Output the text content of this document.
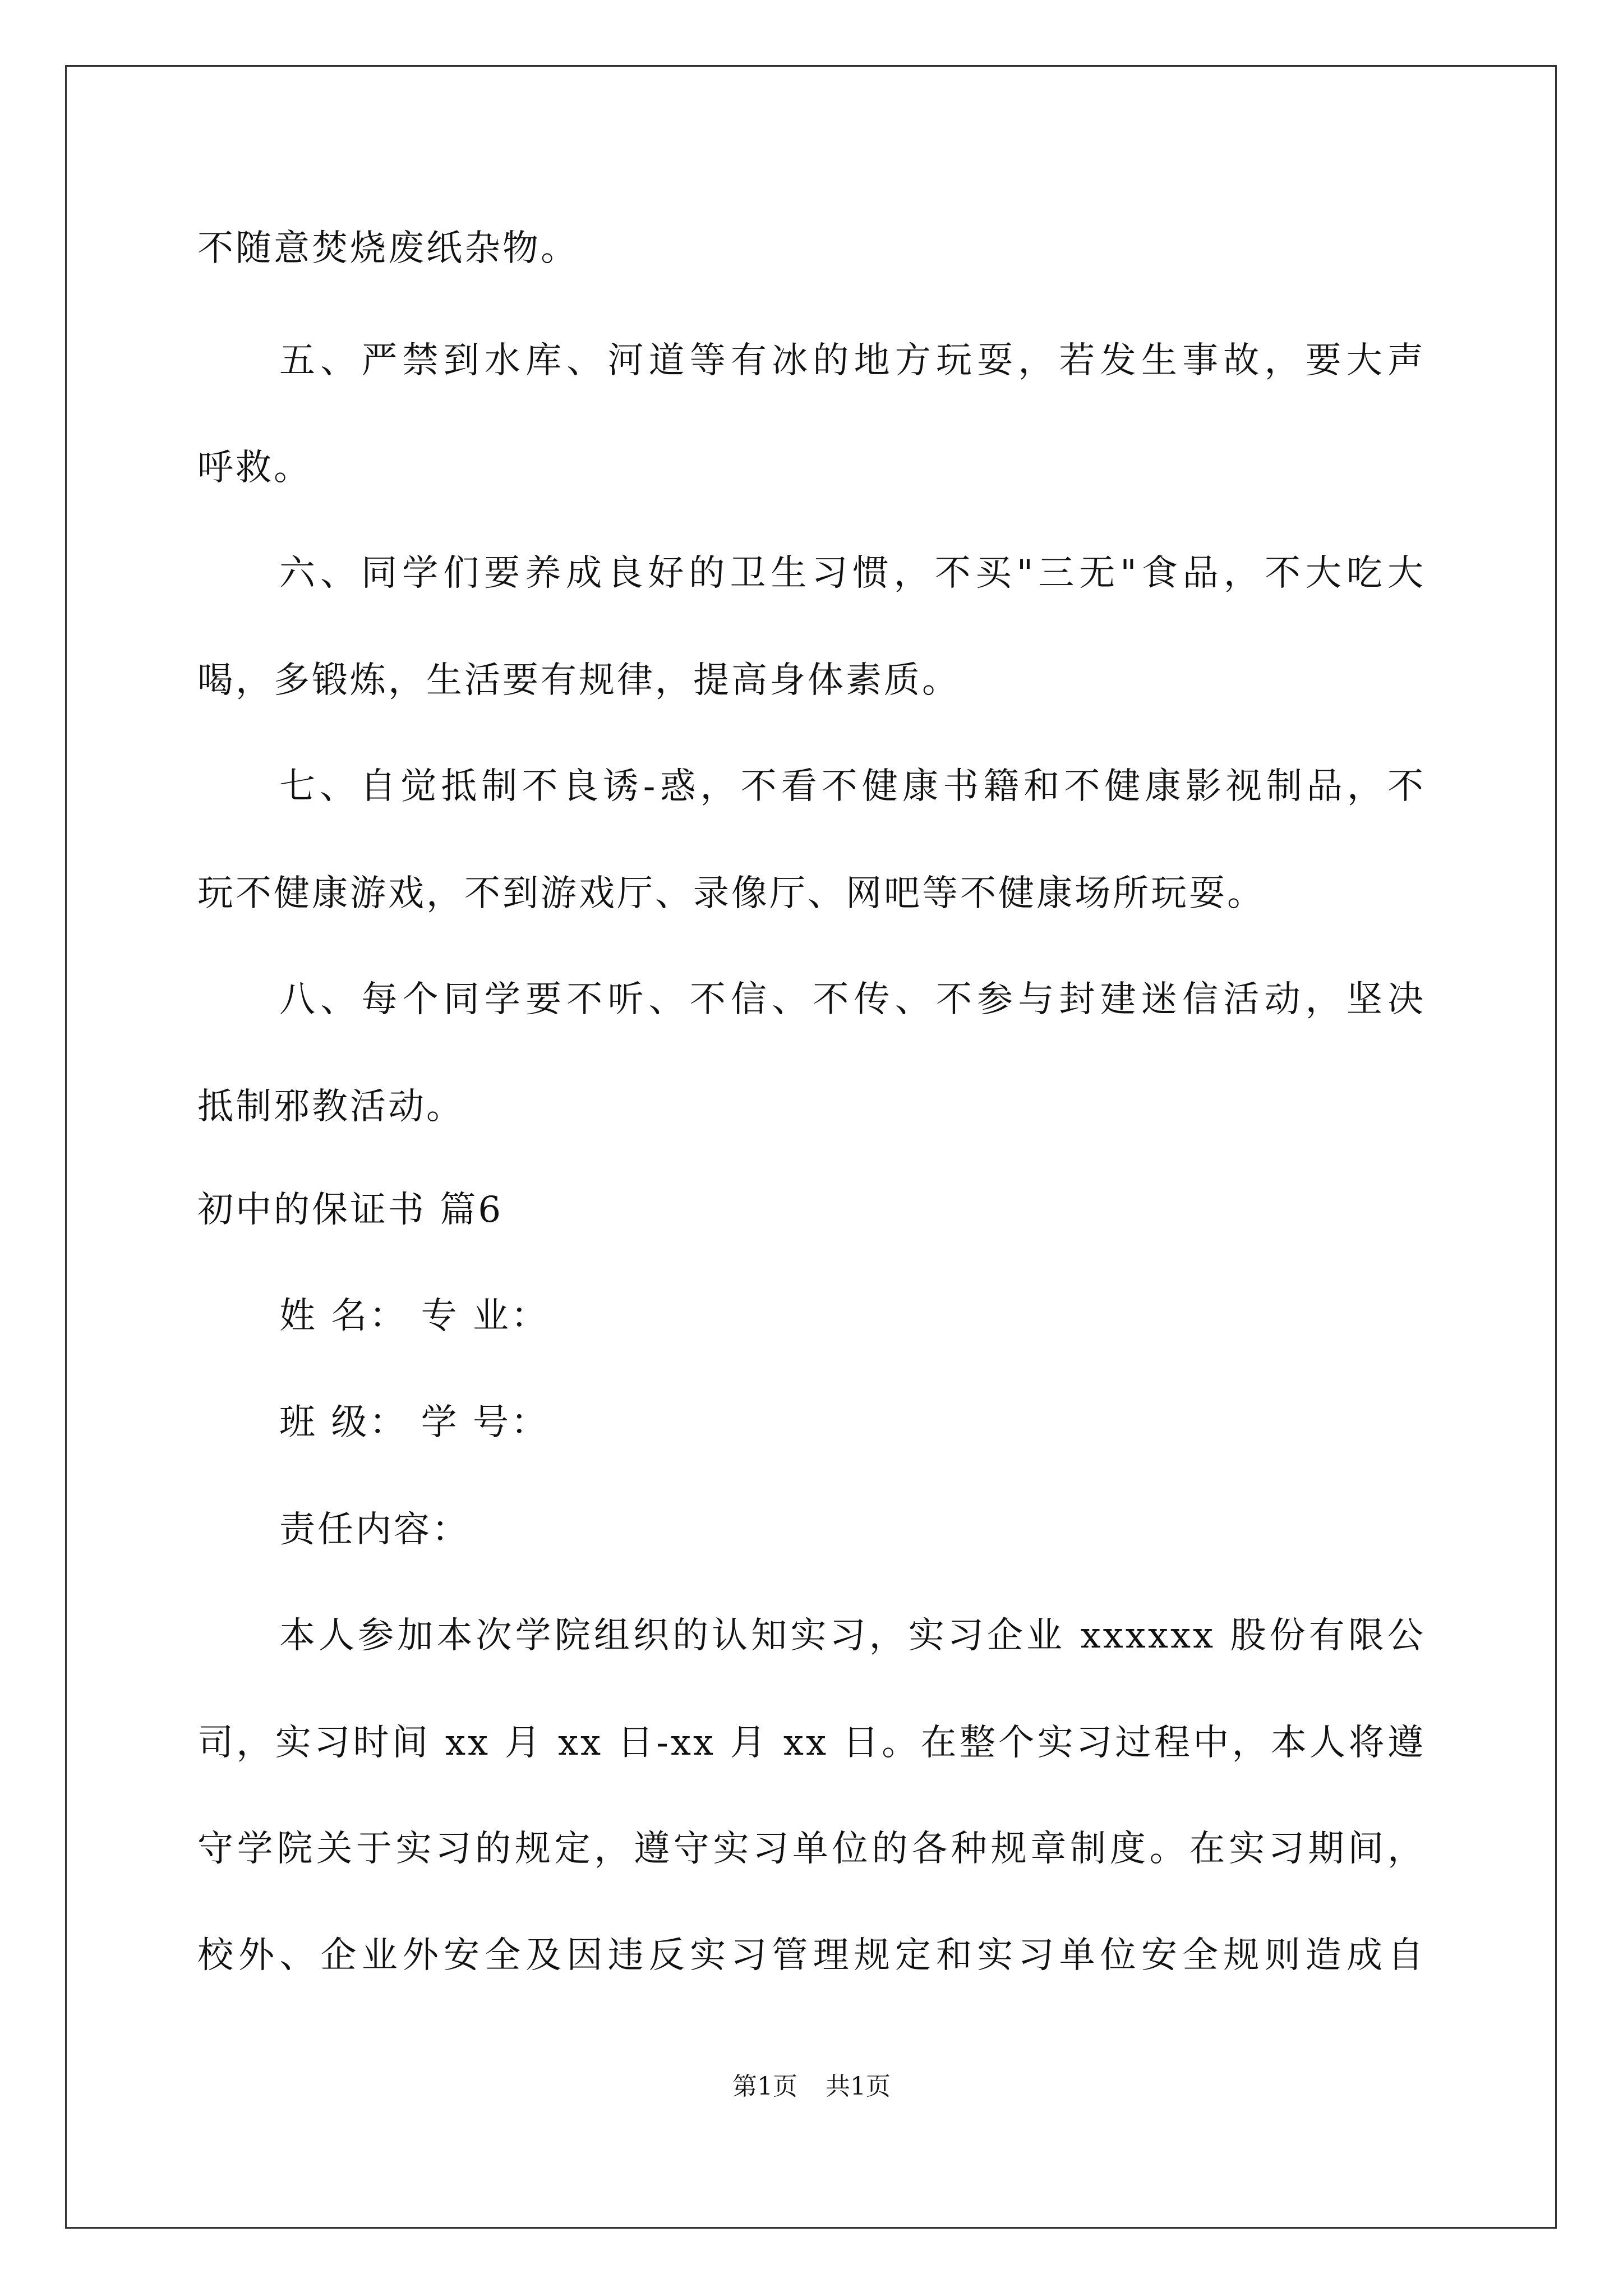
不随意焚烧废纸杂物。
五、严禁到水库、河道等有冰的地方玩耍，若发生事故，要大声
呼救。
六、同学们要养成良好的卫生习惯，不买"三无"食品，不大吃大
喝，多锻炼，生活要有规律，提高身体素质。
七、自觉抵制不良诱-惑，不看不健康书籍和不健康影视制品，不
玩不健康游戏，不到游戏厅、录像厅、网吧等不健康场所玩耍。
八、每个同学要不听、不信、不传、不参与封建迷信活动，坚决
抵制邪教活动。
初中的保证书 篇6
姓 名： 专 业：
班 级： 学 号：
责任内容：
本人参加本次学院组织的认知实习，实习企业 xxxxxx 股份有限公
司，实习时间 xx 月 xx 日-xx 月 xx 日。在整个实习过程中，本人将遵
守学院关于实习的规定，遵守实习单位的各种规章制度。在实习期间，
校外、企业外安全及因违反实习管理规定和实习单位安全规则造成自
第1页 共1页
